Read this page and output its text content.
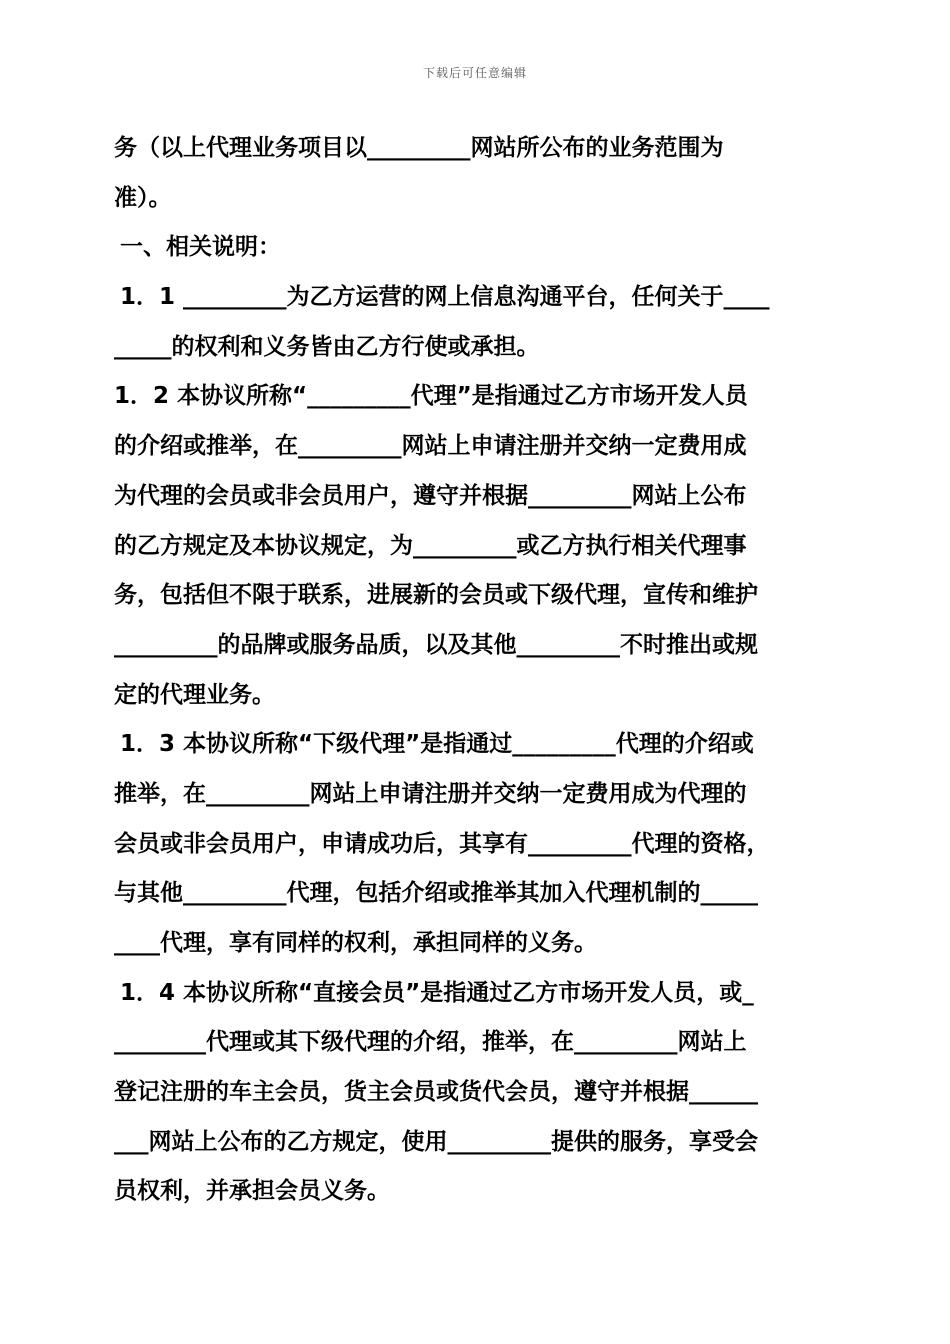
下载后可任意编辑
务（以上代理业务项目以_________网站所公布的业务范围为
准）。
一、相关说明：
1．1 _________为乙方运营的网上信息沟通平台，任何关于____
_____的权利和义务皆由乙方行使或承担。
1．2 本协议所称“_________代理”是指通过乙方市场开发人员
的介绍或推举，在_________网站上申请注册并交纳一定费用成
为代理的会员或非会员用户，遵守并根据_________网站上公布
的乙方规定及本协议规定，为_________或乙方执行相关代理事
务，包括但不限于联系，进展新的会员或下级代理，宣传和维护
_________的品牌或服务品质，以及其他_________不时推出或规
定的代理业务。
1．3 本协议所称“下级代理”是指通过_________代理的介绍或
推举，在_________网站上申请注册并交纳一定费用成为代理的
会员或非会员用户，申请成功后，其享有_________代理的资格，
与其他_________代理，包括介绍或推举其加入代理机制的_____
____代理，享有同样的权利，承担同样的义务。
1．4 本协议所称“直接会员”是指通过乙方市场开发人员，或_
________代理或其下级代理的介绍，推举，在_________网站上
登记注册的车主会员，货主会员或货代会员，遵守并根据______
___网站上公布的乙方规定，使用_________提供的服务，享受会
员权利，并承担会员义务。
